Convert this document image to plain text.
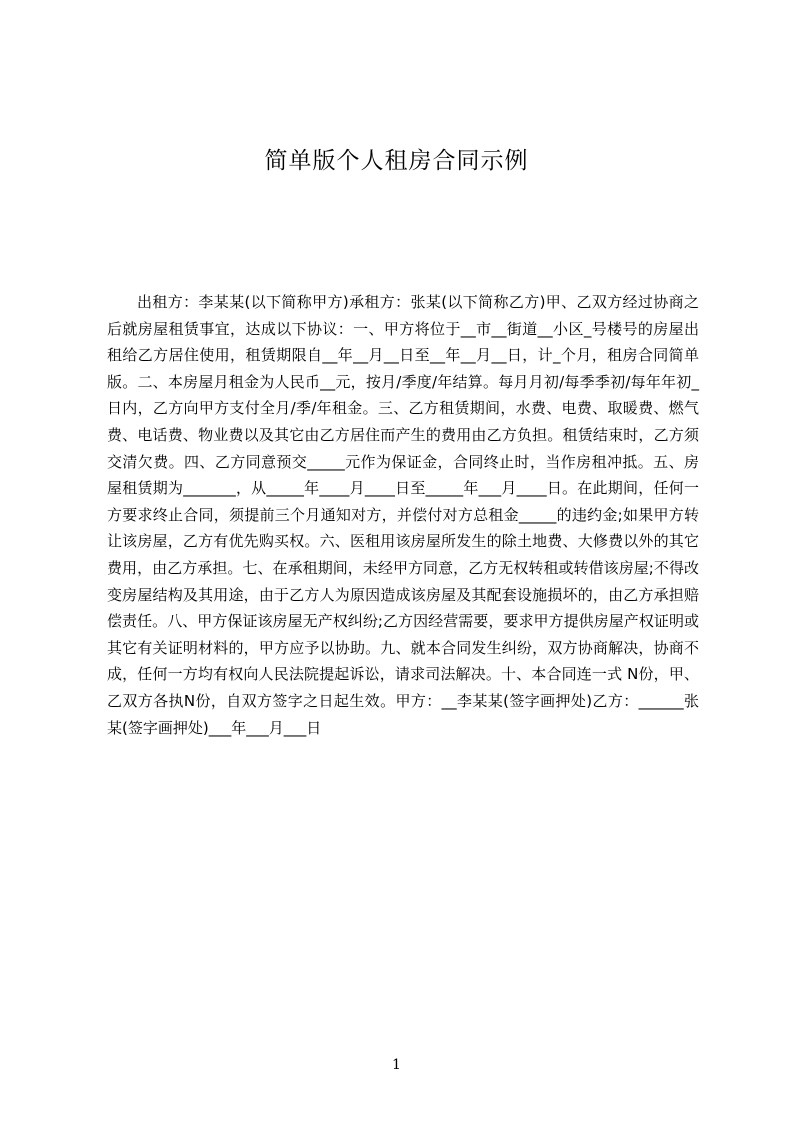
简单版个人租房合同示例

出租方：李某某(以下简称甲方)承租方：张某(以下简称乙方)甲、乙双方经过协商之后就房屋租赁事宜，达成以下协议：一、甲方将位于__市__街道__小区_号楼号的房屋出租给乙方居住使用，租赁期限自__年__月__日至__年__月__日，计_个月，租房合同简单版。二、本房屋月租金为人民币__元，按月/季度/年结算。每月月初/每季季初/每年年初_日内，乙方向甲方支付全月/季/年租金。三、乙方租赁期间，水费、电费、取暖费、燃气费、电话费、物业费以及其它由乙方居住而产生的费用由乙方负担。租赁结束时，乙方须交清欠费。四、乙方同意预交_____元作为保证金，合同终止时，当作房租冲抵。五、房屋租赁期为_______，从_____年____月____日至_____年___月____日。在此期间，任何一方要求终止合同，须提前三个月通知对方，并偿付对方总租金_____的违约金;如果甲方转让该房屋，乙方有优先购买权。六、医租用该房屋所发生的除土地费、大修费以外的其它费用，由乙方承担。七、在承租期间，未经甲方同意，乙方无权转租或转借该房屋;不得改变房屋结构及其用途，由于乙方人为原因造成该房屋及其配套设施损坏的，由乙方承担赔偿责任。八、甲方保证该房屋无产权纠纷;乙方因经营需要，要求甲方提供房屋产权证明或其它有关证明材料的，甲方应予以协助。九、就本合同发生纠纷，双方协商解决，协商不成，任何一方均有权向人民法院提起诉讼，请求司法解决。十、本合同连一式 N份，甲、乙双方各执N份，自双方签字之日起生效。甲方：__李某某(签字画押处)乙方：______张某(签字画押处)___年___月___日

1
